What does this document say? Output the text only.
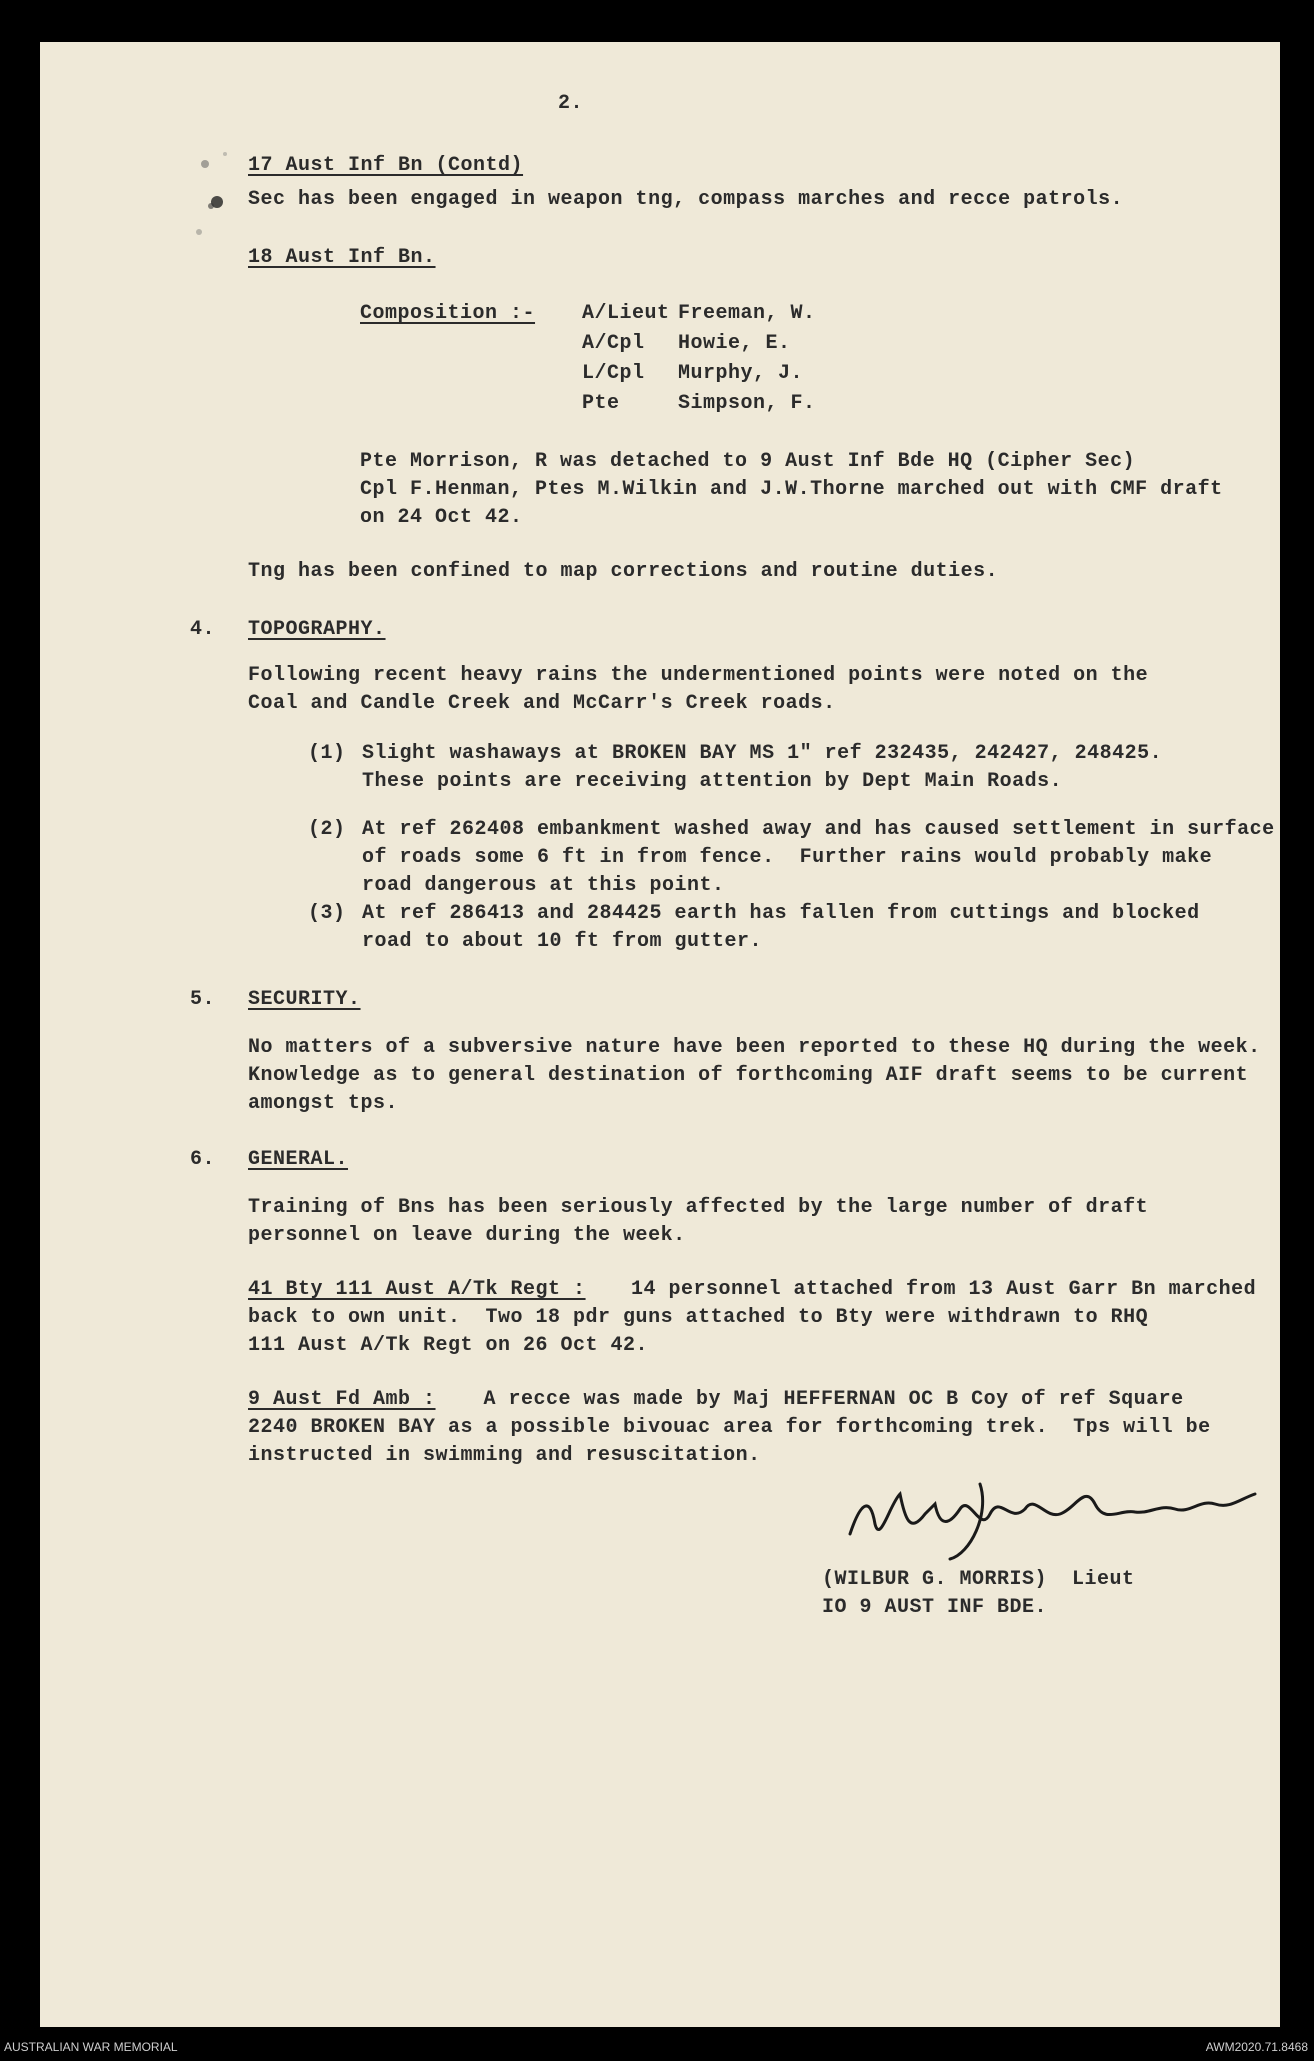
2.
17 Aust Inf Bn (Contd)
Sec has been engaged in weapon tng, compass marches and recce patrols.
18 Aust Inf Bn.
Composition :- A/Lieut Freeman, W.
A/Cpl Howie, E.
L/Cpl Murphy, J.
Pte	Simpson, F.
Pte Morrison, R was detached to 9 Aust Inf Bde HQ (Cipher Sec)
Cpl F.Henman, Ptes M.Wilkin and J.W.Thorne marched out with CMF draft
on 24 Oct 42.
Tng has been confined to map corrections and routine duties.
4. TOPOGRAPHY.
Following recent heavy rains the undermentioned points were noted on the
Coal and Candle Creek and McCarr's Creek roads.
(1) Slight washaways at BROKEN BAY MS 1" ref 232435, 242427, 248425.
These points are receiving attention by Dept Main Roads.
(2) At ref 262408 embankment washed away and has caused settlement in surface
of roads some 6 ft in from fence.  Further rains would probably make
road dangerous at this point.
(3) At ref 286413 and 284425 earth has fallen from cuttings and blocked
road to about 10 ft from gutter.
5. SECURITY.
No matters of a subversive nature have been reported to these HQ during the week.
Knowledge as to general destination of forthcoming AIF draft seems to be current
amongst tps.
6. GENERAL.
Training of Bns has been seriously affected by the large number of draft
personnel on leave during the week.
41 Bty 111 Aust A/Tk Regt : 14 personnel attached from 13 Aust Garr Bn marched
back to own unit.  Two 18 pdr guns attached to Bty were withdrawn to RHQ
111 Aust A/Tk Regt on 26 Oct 42.
9 Aust Fd Amb : A recce was made by Maj HEFFERNAN OC B Coy of ref Square
2240 BROKEN BAY as a possible bivouac area for forthcoming trek.  Tps will be
instructed in swimming and resuscitation.
(WILBUR G. MORRIS)  Lieut
IO 9 AUST INF BDE.
AUSTRALIAN WAR MEMORIAL	AWM2020.71.8468
